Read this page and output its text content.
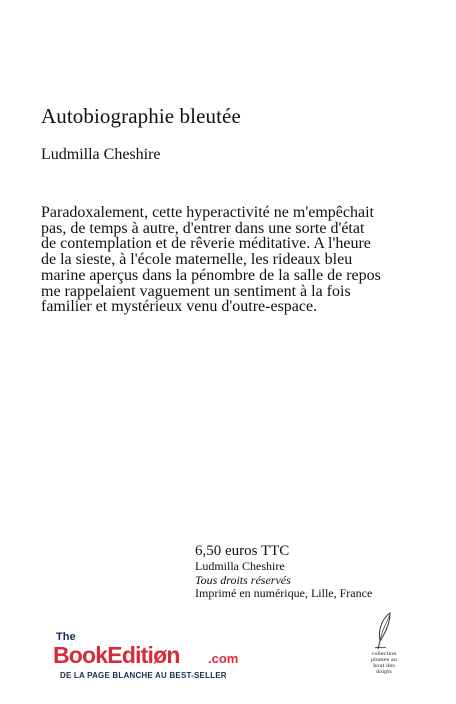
Autobiographie bleutée

Ludmilla Cheshire

Paradoxalement, cette hyperactivité ne m'empêchait pas, de temps à autre, d'entrer dans une sorte d'état de contemplation et de rêverie méditative. A l'heure de la sieste, à l'école maternelle, les rideaux bleu marine aperçus dans la pénombre de la salle de repos me rappelaient vaguement un sentiment à la fois familier et mystérieux venu d'outre-espace.

6,50 euros TTC
Ludmilla Cheshire
Tous droits réservés
Imprimé en numérique, Lille, France
The
BookEditiøn .com
DE LA PAGE BLANCHE AU BEST-SELLER
collection
plumes au
bout des
doigts
